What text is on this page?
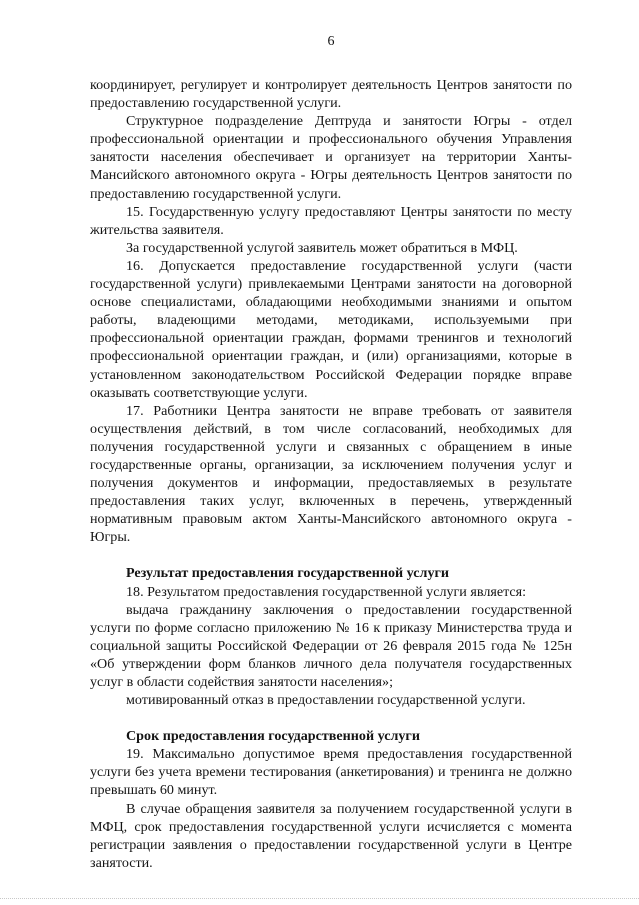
6

координирует, регулирует и контролирует деятельность Центров занятости по предоставлению государственной услуги.

Структурное подразделение Дептруда и занятости Югры - отдел профессиональной ориентации и профессионального обучения Управления занятости населения обеспечивает и организует на территории Ханты-Мансийского автономного округа - Югры деятельность Центров занятости по предоставлению государственной услуги.

15. Государственную услугу предоставляют Центры занятости по месту жительства заявителя.

За государственной услугой заявитель может обратиться в МФЦ.

16. Допускается предоставление государственной услуги (части государственной услуги) привлекаемыми Центрами занятости на договорной основе специалистами, обладающими необходимыми знаниями и опытом работы, владеющими методами, методиками, используемыми при профессиональной ориентации граждан, формами тренингов и технологий профессиональной ориентации граждан, и (или) организациями, которые в установленном законодательством Российской Федерации порядке вправе оказывать соответствующие услуги.

17. Работники Центра занятости не вправе требовать от заявителя осуществления действий, в том числе согласований, необходимых для получения государственной услуги и связанных с обращением в иные государственные органы, организации, за исключением получения услуг и получения документов и информации, предоставляемых в результате предоставления таких услуг, включенных в перечень, утвержденный нормативным правовым актом Ханты-Мансийского автономного округа - Югры.

Результат предоставления государственной услуги

18. Результатом предоставления государственной услуги является:

выдача гражданину заключения о предоставлении государственной услуги по форме согласно приложению № 16 к приказу Министерства труда и социальной защиты Российской Федерации от 26 февраля 2015 года № 125н «Об утверждении форм бланков личного дела получателя государственных услуг в области содействия занятости населения»;

мотивированный отказ в предоставлении государственной услуги.

Срок предоставления государственной услуги

19. Максимально допустимое время предоставления государственной услуги без учета времени тестирования (анкетирования) и тренинга не должно превышать 60 минут.

В случае обращения заявителя за получением государственной услуги в МФЦ, срок предоставления государственной услуги исчисляется с момента регистрации заявления о предоставлении государственной услуги в Центре занятости.
